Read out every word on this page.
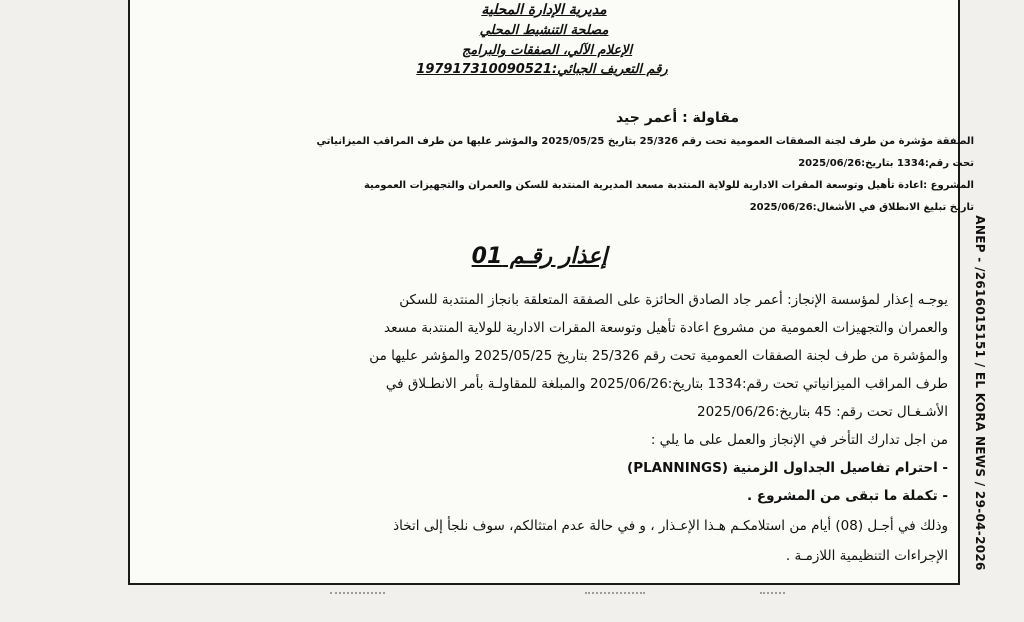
مديرية الإدارة المحلية
مصلحة التنشيط المحلي
الإعلام الآلي، الصفقات والبرامج
رقم التعريف الجبائي:197917310090521
مقاولة : أعمر جيد
الصفقة مؤشرة من طرف لجنة الصفقات العمومية تحت رقم 25/326 بتاريخ 2025/05/25 والمؤشر عليها من طرف المراقب الميزانياتي
تحت رقم:1334 بتاريخ:2025/06/26
المشروع :اعادة تأهيل وتوسعة المقرات الادارية للولاية المنتدبة مسعد المديرية المنتدبة للسكن والعمران والتجهيزات العمومية
تاريخ تبليغ الانطلاق في الأشغال:2025/06/26
إعذار رقـم 01
يوجـه إعذار لمؤسسة الإنجاز: أعمر جاد الصادق الحائزة على الصفقة المتعلقة بانجاز المنتدبة للسكن
والعمران والتجهيزات العمومية من مشروع اعادة تأهيل وتوسعة المقرات الادارية للولاية المنتدبة مسعد
والمؤشرة من طرف لجنة الصفقات العمومية تحت رقم 25/326 بتاريخ 2025/05/25 والمؤشر عليها من
طرف المراقب الميزانياتي تحت رقم:1334 بتاريخ:2025/06/26 والمبلغة للمقاولـة بأمر الانطـلاق في
الأشـغـال تحت رقم: 45 بتاريخ:2025/06/26
من اجل تدارك التأخر في الإنجاز والعمل على ما يلي :
- احترام تفاصيل الجداول الزمنية (PLANNINGS)
- تكملة ما تبقى من المشروع .
وذلك في أجـل (08) أيام من استلامكـم هـذا الإعـذار ، و في حالة عدم امتثالكم، سوف نلجأ إلى اتخاذ
الإجراءات التنظيمية اللازمـة . ANEP - /2616015151 / EL KORA NEWS / 29-04-2026
